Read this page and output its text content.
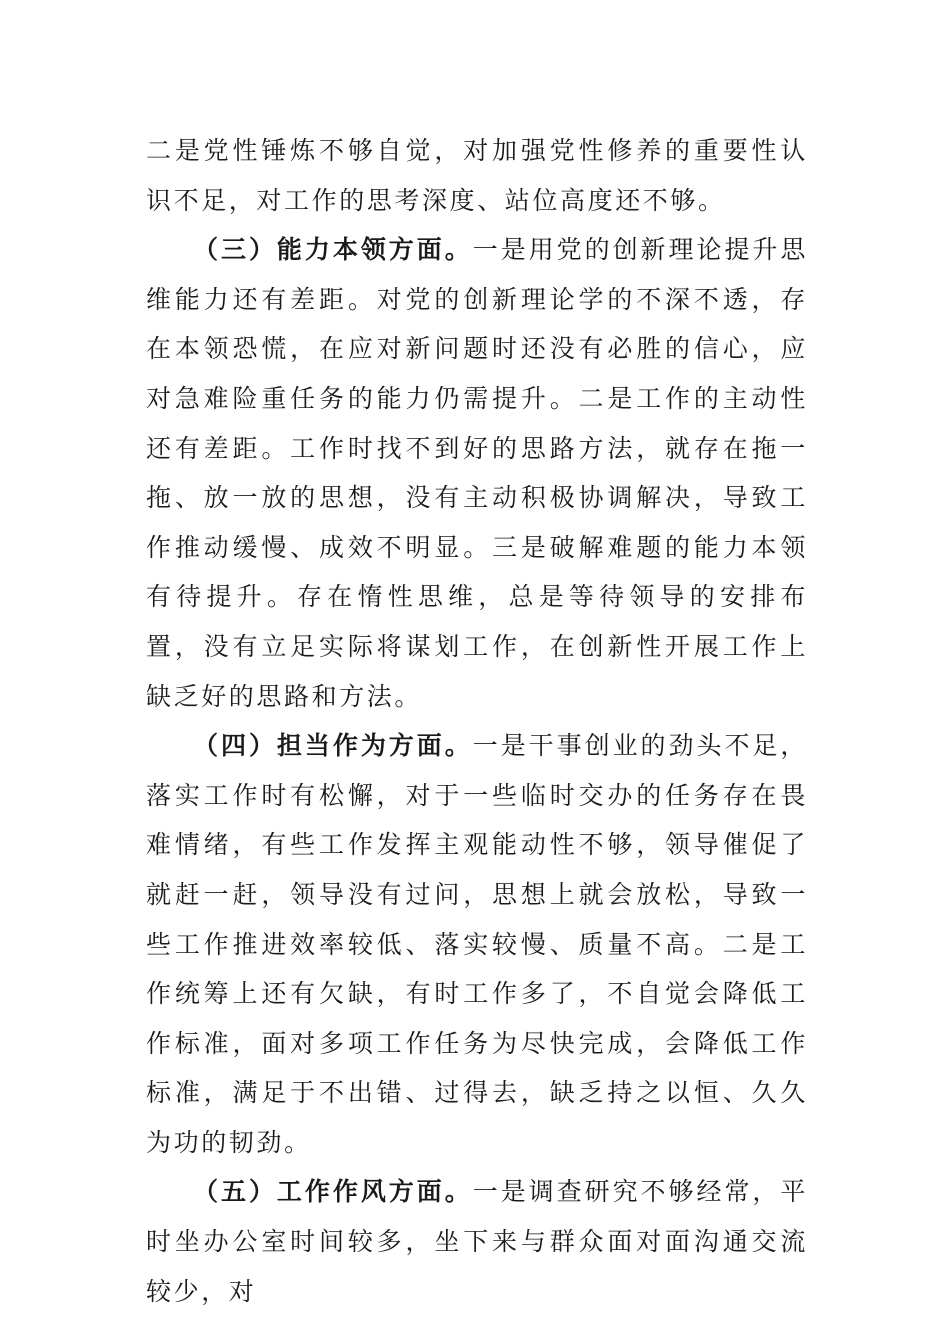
二是党性锤炼不够自觉，对加强党性修养的重要性认识不足，对工作的思考深度、站位高度还不够。

（三）能力本领方面。一是用党的创新理论提升思维能力还有差距。对党的创新理论学的不深不透，存在本领恐慌，在应对新问题时还没有必胜的信心，应对急难险重任务的能力仍需提升。二是工作的主动性还有差距。工作时找不到好的思路方法，就存在拖一拖、放一放的思想，没有主动积极协调解决，导致工作推动缓慢、成效不明显。三是破解难题的能力本领有待提升。存在惰性思维，总是等待领导的安排布置，没有立足实际将谋划工作，在创新性开展工作上缺乏好的思路和方法。

（四）担当作为方面。一是干事创业的劲头不足，落实工作时有松懈，对于一些临时交办的任务存在畏难情绪，有些工作发挥主观能动性不够，领导催促了就赶一赶，领导没有过问，思想上就会放松，导致一些工作推进效率较低、落实较慢、质量不高。二是工作统筹上还有欠缺，有时工作多了，不自觉会降低工作标准，面对多项工作任务为尽快完成，会降低工作标准，满足于不出错、过得去，缺乏持之以恒、久久为功的韧劲。

（五）工作作风方面。一是调查研究不够经常，平时坐办公室时间较多，坐下来与群众面对面沟通交流较少，对
